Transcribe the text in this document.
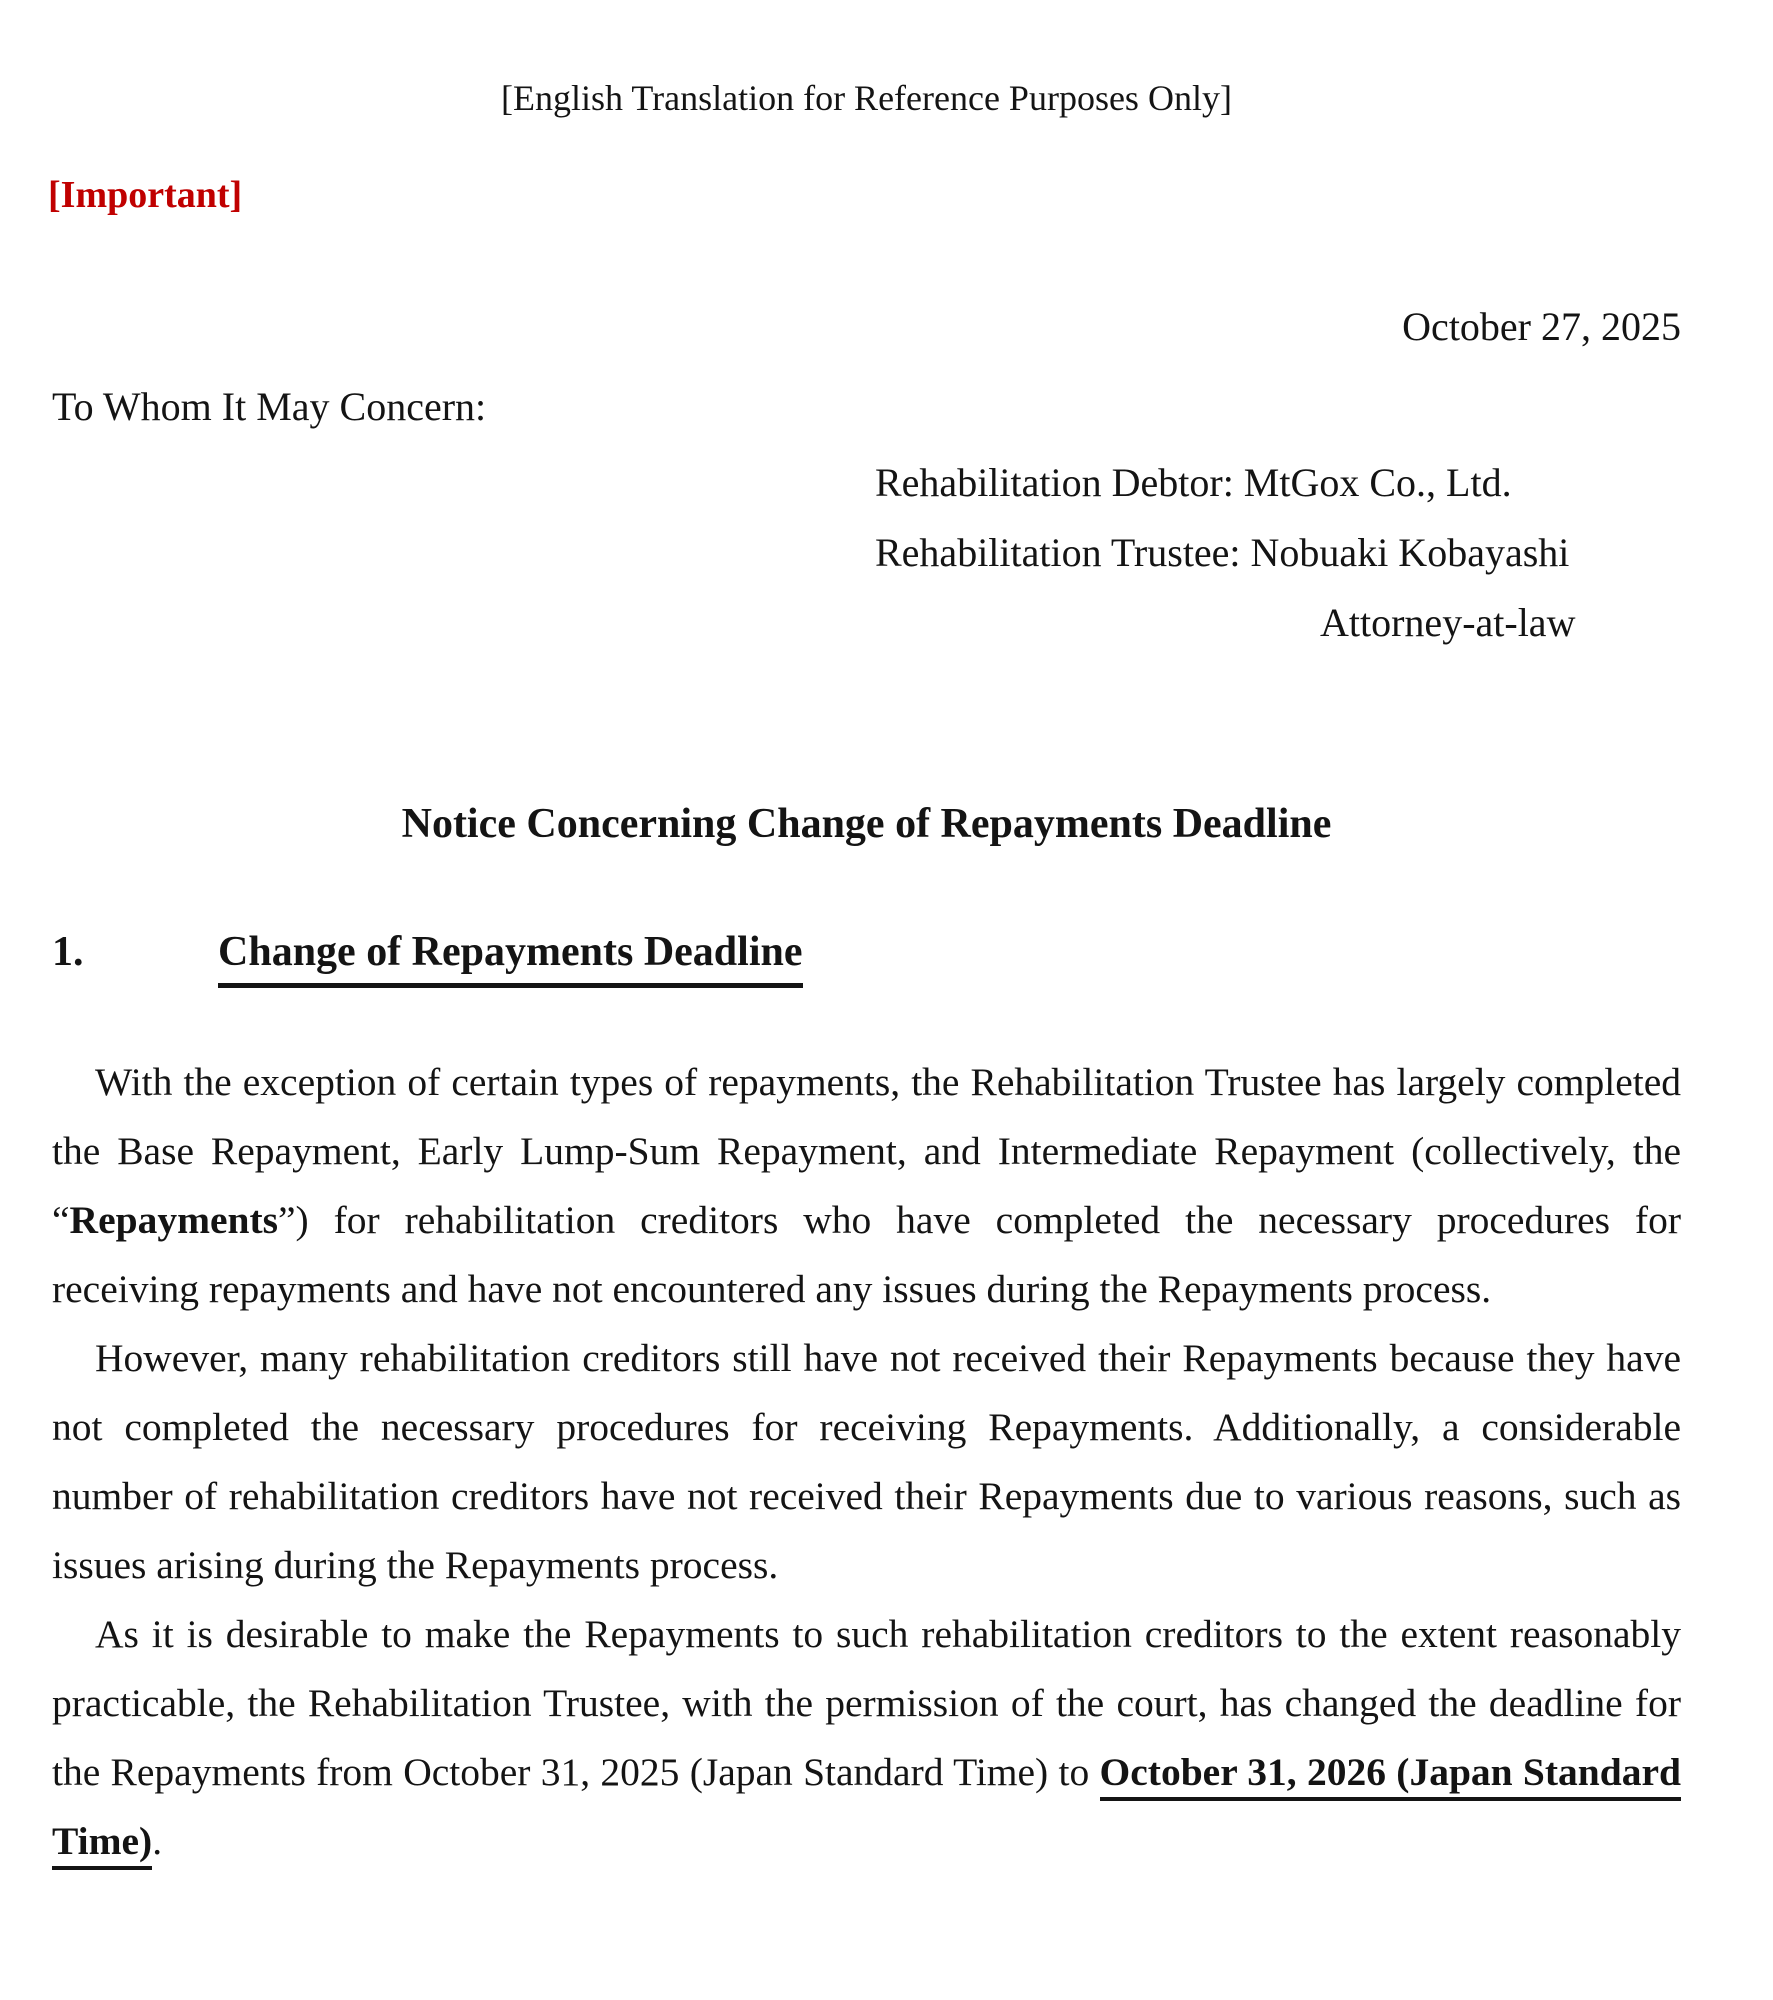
[English Translation for Reference Purposes Only]
[Important]
October 27, 2025
To Whom It May Concern:
Rehabilitation Debtor: MtGox Co., Ltd.
Rehabilitation Trustee: Nobuaki Kobayashi
Attorney-at-law
Notice Concerning Change of Repayments Deadline
1.	Change of Repayments Deadline

With the exception of certain types of repayments, the Rehabilitation Trustee has largely completed the Base Repayment, Early Lump-Sum Repayment, and Intermediate Repayment (collectively, the “Repayments”) for rehabilitation creditors who have completed the necessary procedures for receiving repayments and have not encountered any issues during the Repayments process.

However, many rehabilitation creditors still have not received their Repayments because they have not completed the necessary procedures for receiving Repayments. Additionally, a considerable number of rehabilitation creditors have not received their Repayments due to various reasons, such as issues arising during the Repayments process.

As it is desirable to make the Repayments to such rehabilitation creditors to the extent reasonably practicable, the Rehabilitation Trustee, with the permission of the court, has changed the deadline for the Repayments from October 31, 2025 (Japan Standard Time) to October 31, 2026 (Japan Standard Time).
